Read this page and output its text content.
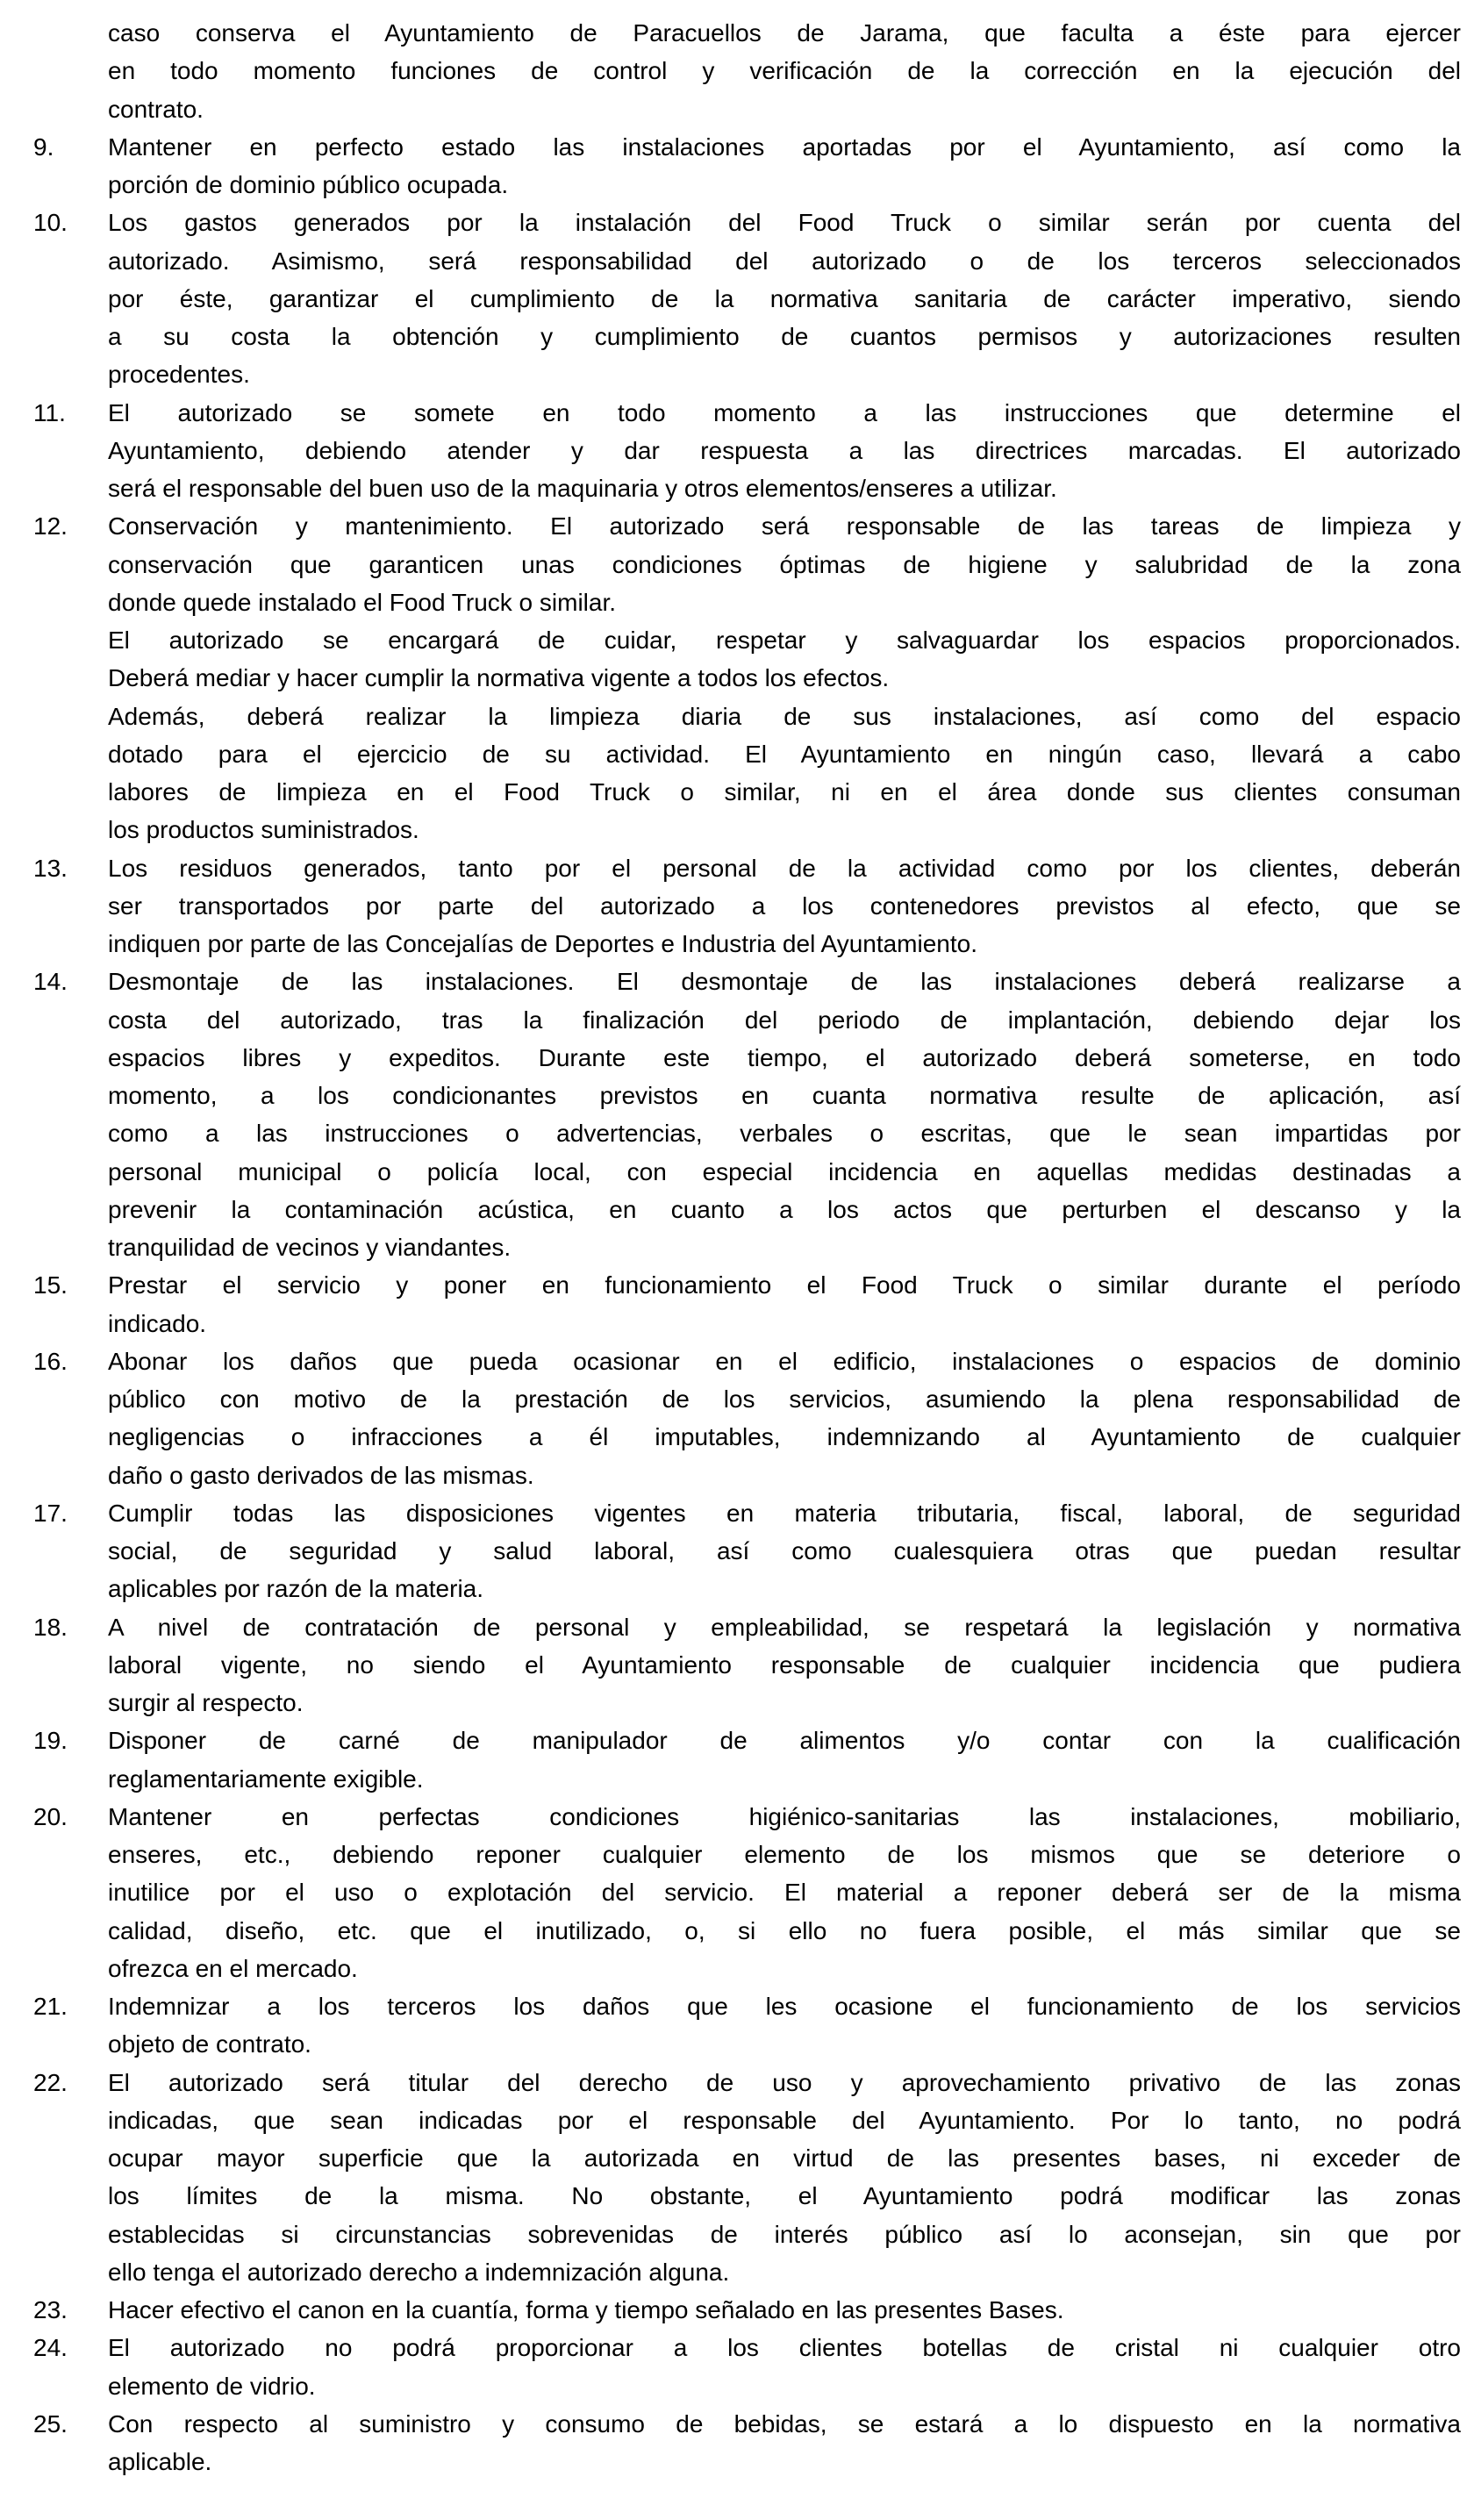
caso conserva el Ayuntamiento de Paracuellos de Jarama, que faculta a éste para ejercer
en todo momento funciones de control y verificación de la corrección en la ejecución del
contrato.
9.	Mantener en perfecto estado las instalaciones aportadas por el Ayuntamiento, así como la
porción de dominio público ocupada.
10.	Los gastos generados por la instalación del Food Truck o similar serán por cuenta del
autorizado. Asimismo, será responsabilidad del autorizado o de los terceros seleccionados
por éste, garantizar el cumplimiento de la normativa sanitaria de carácter imperativo, siendo
a su costa la obtención y cumplimiento de cuantos permisos y autorizaciones resulten
procedentes.
11.	El autorizado se somete en todo momento a las instrucciones que determine el
Ayuntamiento, debiendo atender y dar respuesta a las directrices marcadas. El autorizado
será el responsable del buen uso de la maquinaria y otros elementos/enseres a utilizar.
12.	Conservación y mantenimiento. El autorizado será responsable de las tareas de limpieza y
conservación que garanticen unas condiciones óptimas de higiene y salubridad de la zona
donde quede instalado el Food Truck o similar.
El autorizado se encargará de cuidar, respetar y salvaguardar los espacios proporcionados.
Deberá mediar y hacer cumplir la normativa vigente a todos los efectos.
Además, deberá realizar la limpieza diaria de sus instalaciones, así como del espacio
dotado para el ejercicio de su actividad. El Ayuntamiento en ningún caso, llevará a cabo
labores de limpieza en el Food Truck o similar, ni en el área donde sus clientes consuman
los productos suministrados.
13.	Los residuos generados, tanto por el personal de la actividad como por los clientes, deberán
ser transportados por parte del autorizado a los contenedores previstos al efecto, que se
indiquen por parte de las Concejalías de Deportes e Industria del Ayuntamiento.
14.	Desmontaje de las instalaciones. El desmontaje de las instalaciones deberá realizarse a
costa del autorizado, tras la finalización del periodo de implantación, debiendo dejar los
espacios libres y expeditos. Durante este tiempo, el autorizado deberá someterse, en todo
momento, a los condicionantes previstos en cuanta normativa resulte de aplicación, así
como a las instrucciones o advertencias, verbales o escritas, que le sean impartidas por
personal municipal o policía local, con especial incidencia en aquellas medidas destinadas a
prevenir la contaminación acústica, en cuanto a los actos que perturben el descanso y la
tranquilidad de vecinos y viandantes.
15.	Prestar el servicio y poner en funcionamiento el Food Truck o similar durante el período
indicado.
16.	Abonar los daños que pueda ocasionar en el edificio, instalaciones o espacios de dominio
público con motivo de la prestación de los servicios, asumiendo la plena responsabilidad de
negligencias o infracciones a él imputables, indemnizando al Ayuntamiento de cualquier
daño o gasto derivados de las mismas.
17.	Cumplir todas las disposiciones vigentes en materia tributaria, fiscal, laboral, de seguridad
social, de seguridad y salud laboral, así como cualesquiera otras que puedan resultar
aplicables por razón de la materia.
18.	A nivel de contratación de personal y empleabilidad, se respetará la legislación y normativa
laboral vigente, no siendo el Ayuntamiento responsable de cualquier incidencia que pudiera
surgir al respecto.
19.	Disponer de carné de manipulador de alimentos y/o contar con la cualificación
reglamentariamente exigible.
20.	Mantener en perfectas condiciones higiénico-sanitarias las instalaciones, mobiliario,
enseres, etc., debiendo reponer cualquier elemento de los mismos que se deteriore o
inutilice por el uso o explotación del servicio. El material a reponer deberá ser de la misma
calidad, diseño, etc. que el inutilizado, o, si ello no fuera posible, el más similar que se
ofrezca en el mercado.
21.	Indemnizar a los terceros los daños que les ocasione el funcionamiento de los servicios
objeto de contrato.
22.	El autorizado será titular del derecho de uso y aprovechamiento privativo de las zonas
indicadas, que sean indicadas por el responsable del Ayuntamiento. Por lo tanto, no podrá
ocupar mayor superficie que la autorizada en virtud de las presentes bases, ni exceder de
los límites de la misma. No obstante, el Ayuntamiento podrá modificar las zonas
establecidas si circunstancias sobrevenidas de interés público así lo aconsejan, sin que por
ello tenga el autorizado derecho a indemnización alguna.
23.	Hacer efectivo el canon en la cuantía, forma y tiempo señalado en las presentes Bases.
24.	El autorizado no podrá proporcionar a los clientes botellas de cristal ni cualquier otro
elemento de vidrio.
25.	Con respecto al suministro y consumo de bebidas, se estará a lo dispuesto en la normativa
aplicable.
